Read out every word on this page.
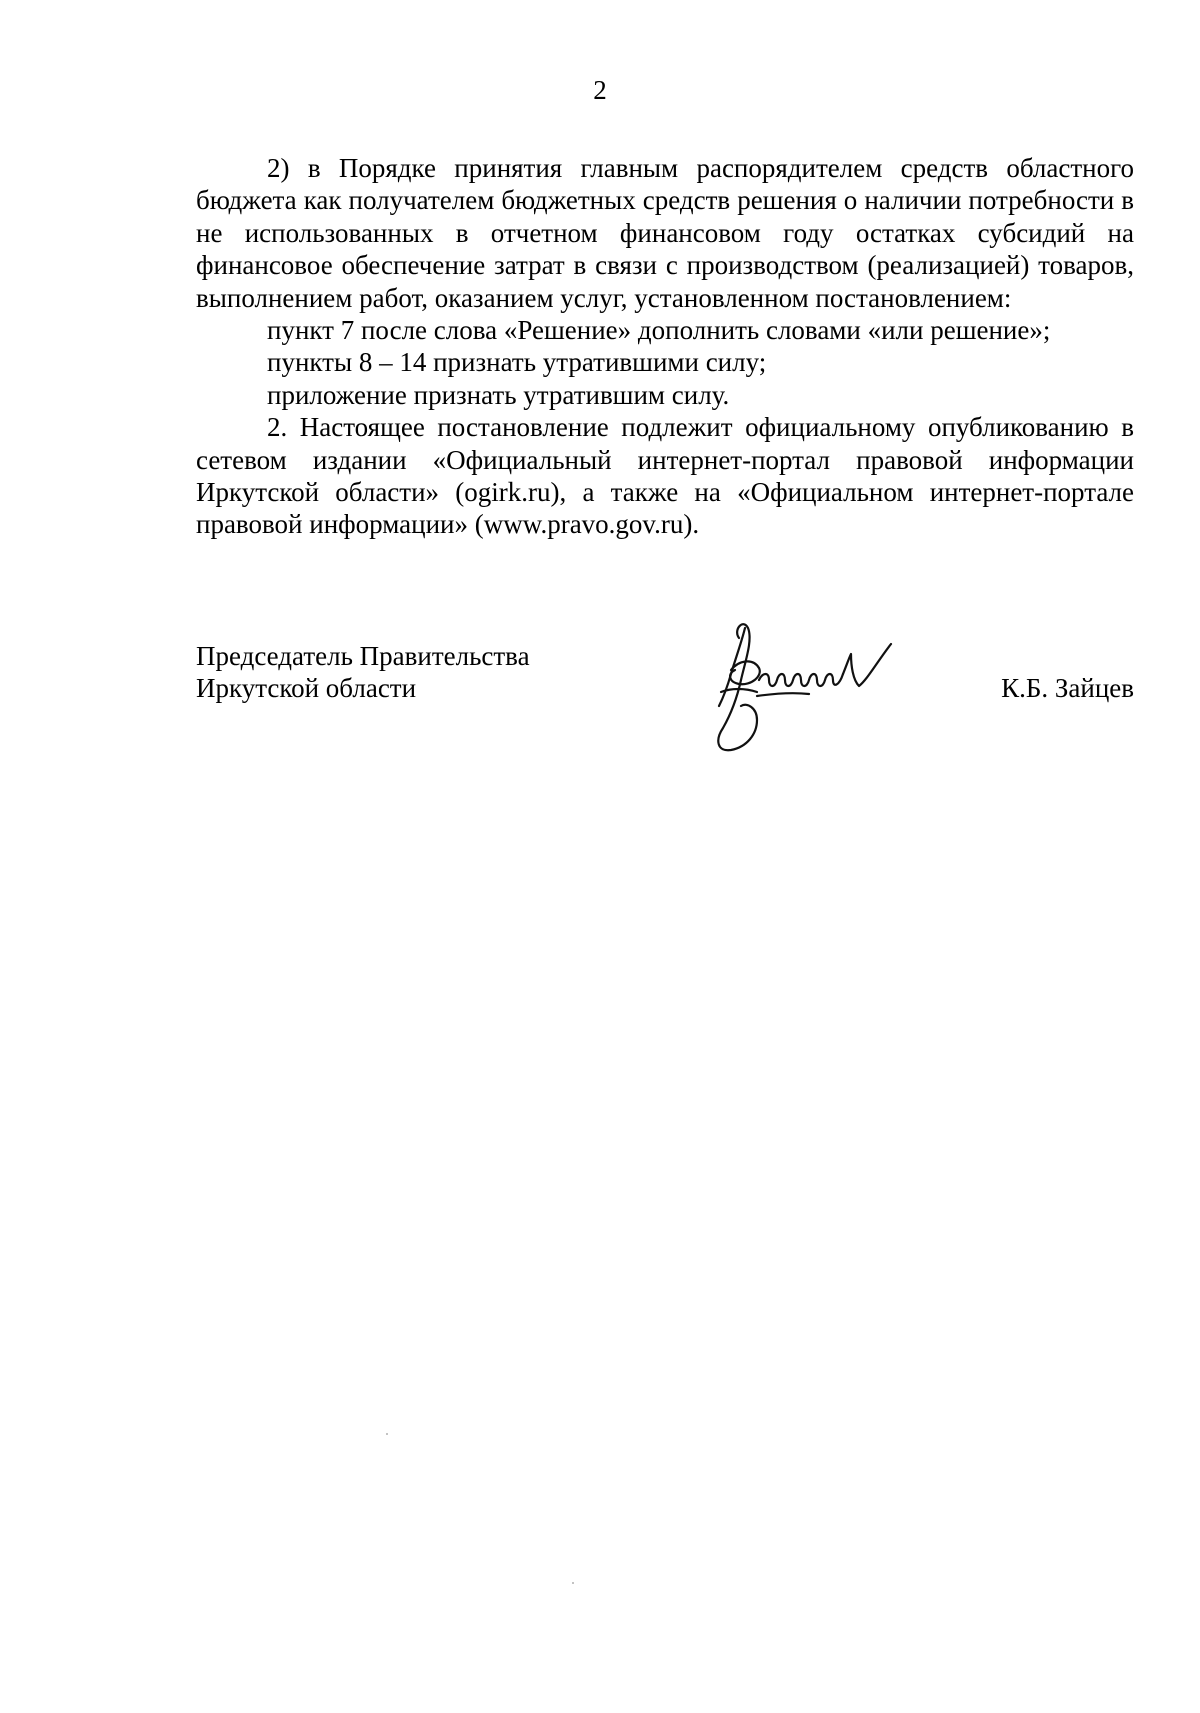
2

2) в Порядке принятия главным распорядителем средств областного бюджета как получателем бюджетных средств решения о наличии потребности в не использованных в отчетном финансовом году остатках субсидий на финансовое обеспечение затрат в связи с производством (реализацией) товаров, выполнением работ, оказанием услуг, установленном постановлением:

пункт 7 после слова «Решение» дополнить словами «или решение»;

пункты 8 – 14 признать утратившими силу;

приложение признать утратившим силу.

2. Настоящее постановление подлежит официальному опубликованию в сетевом издании «Официальный интернет-портал правовой информации Иркутской области» (ogirk.ru), а также на «Официальном интернет-портале правовой информации» (www.pravo.gov.ru).

Председатель Правительства
Иркутской области	К.Б. Зайцев
